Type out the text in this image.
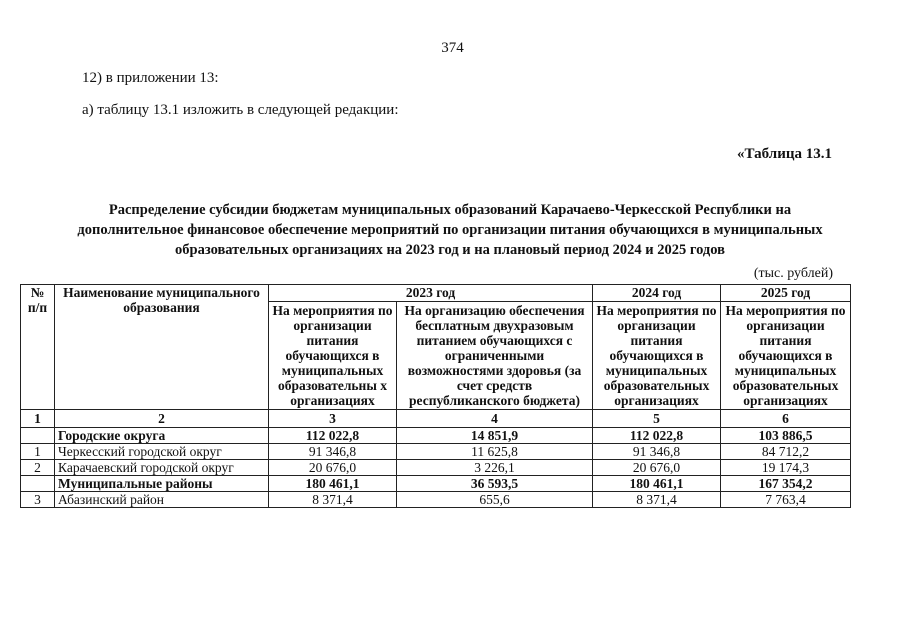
374
12) в приложении 13:
а) таблицу 13.1 изложить в следующей редакции:
«Таблица 13.1
Распределение субсидии бюджетам муниципальных образований Карачаево-Черкесской Республики на
дополнительное финансовое обеспечение мероприятий по организации питания обучающихся в муниципальных
образовательных организациях на 2023 год и на плановый период 2024 и 2025 годов
(тыс. рублей)
№ п/п	Наименование муниципального образования	2023 год		2024 год	2025 год
		На мероприятия по организации питания обучающихся в муниципальных образовательны х организациях	На организацию обеспечения бесплатным двухразовым питанием обучающихся с ограниченными возможностями здоровья (за счет средств республиканского бюджета)	На мероприятия по организации питания обучающихся в муниципальных образовательных организациях	На мероприятия по организации питания обучающихся в муниципальных образовательных организациях
1	2	3	4	5	6
	Городские округа	112 022,8	14 851,9	112 022,8	103 886,5
1	Черкесский городской округ	91 346,8	11 625,8	91 346,8	84 712,2
2	Карачаевский городской округ	20 676,0	3 226,1	20 676,0	19 174,3
	Муниципальные районы	180 461,1	36 593,5	180 461,1	167 354,2
3	Абазинский район	8 371,4	655,6	8 371,4	7 763,4
